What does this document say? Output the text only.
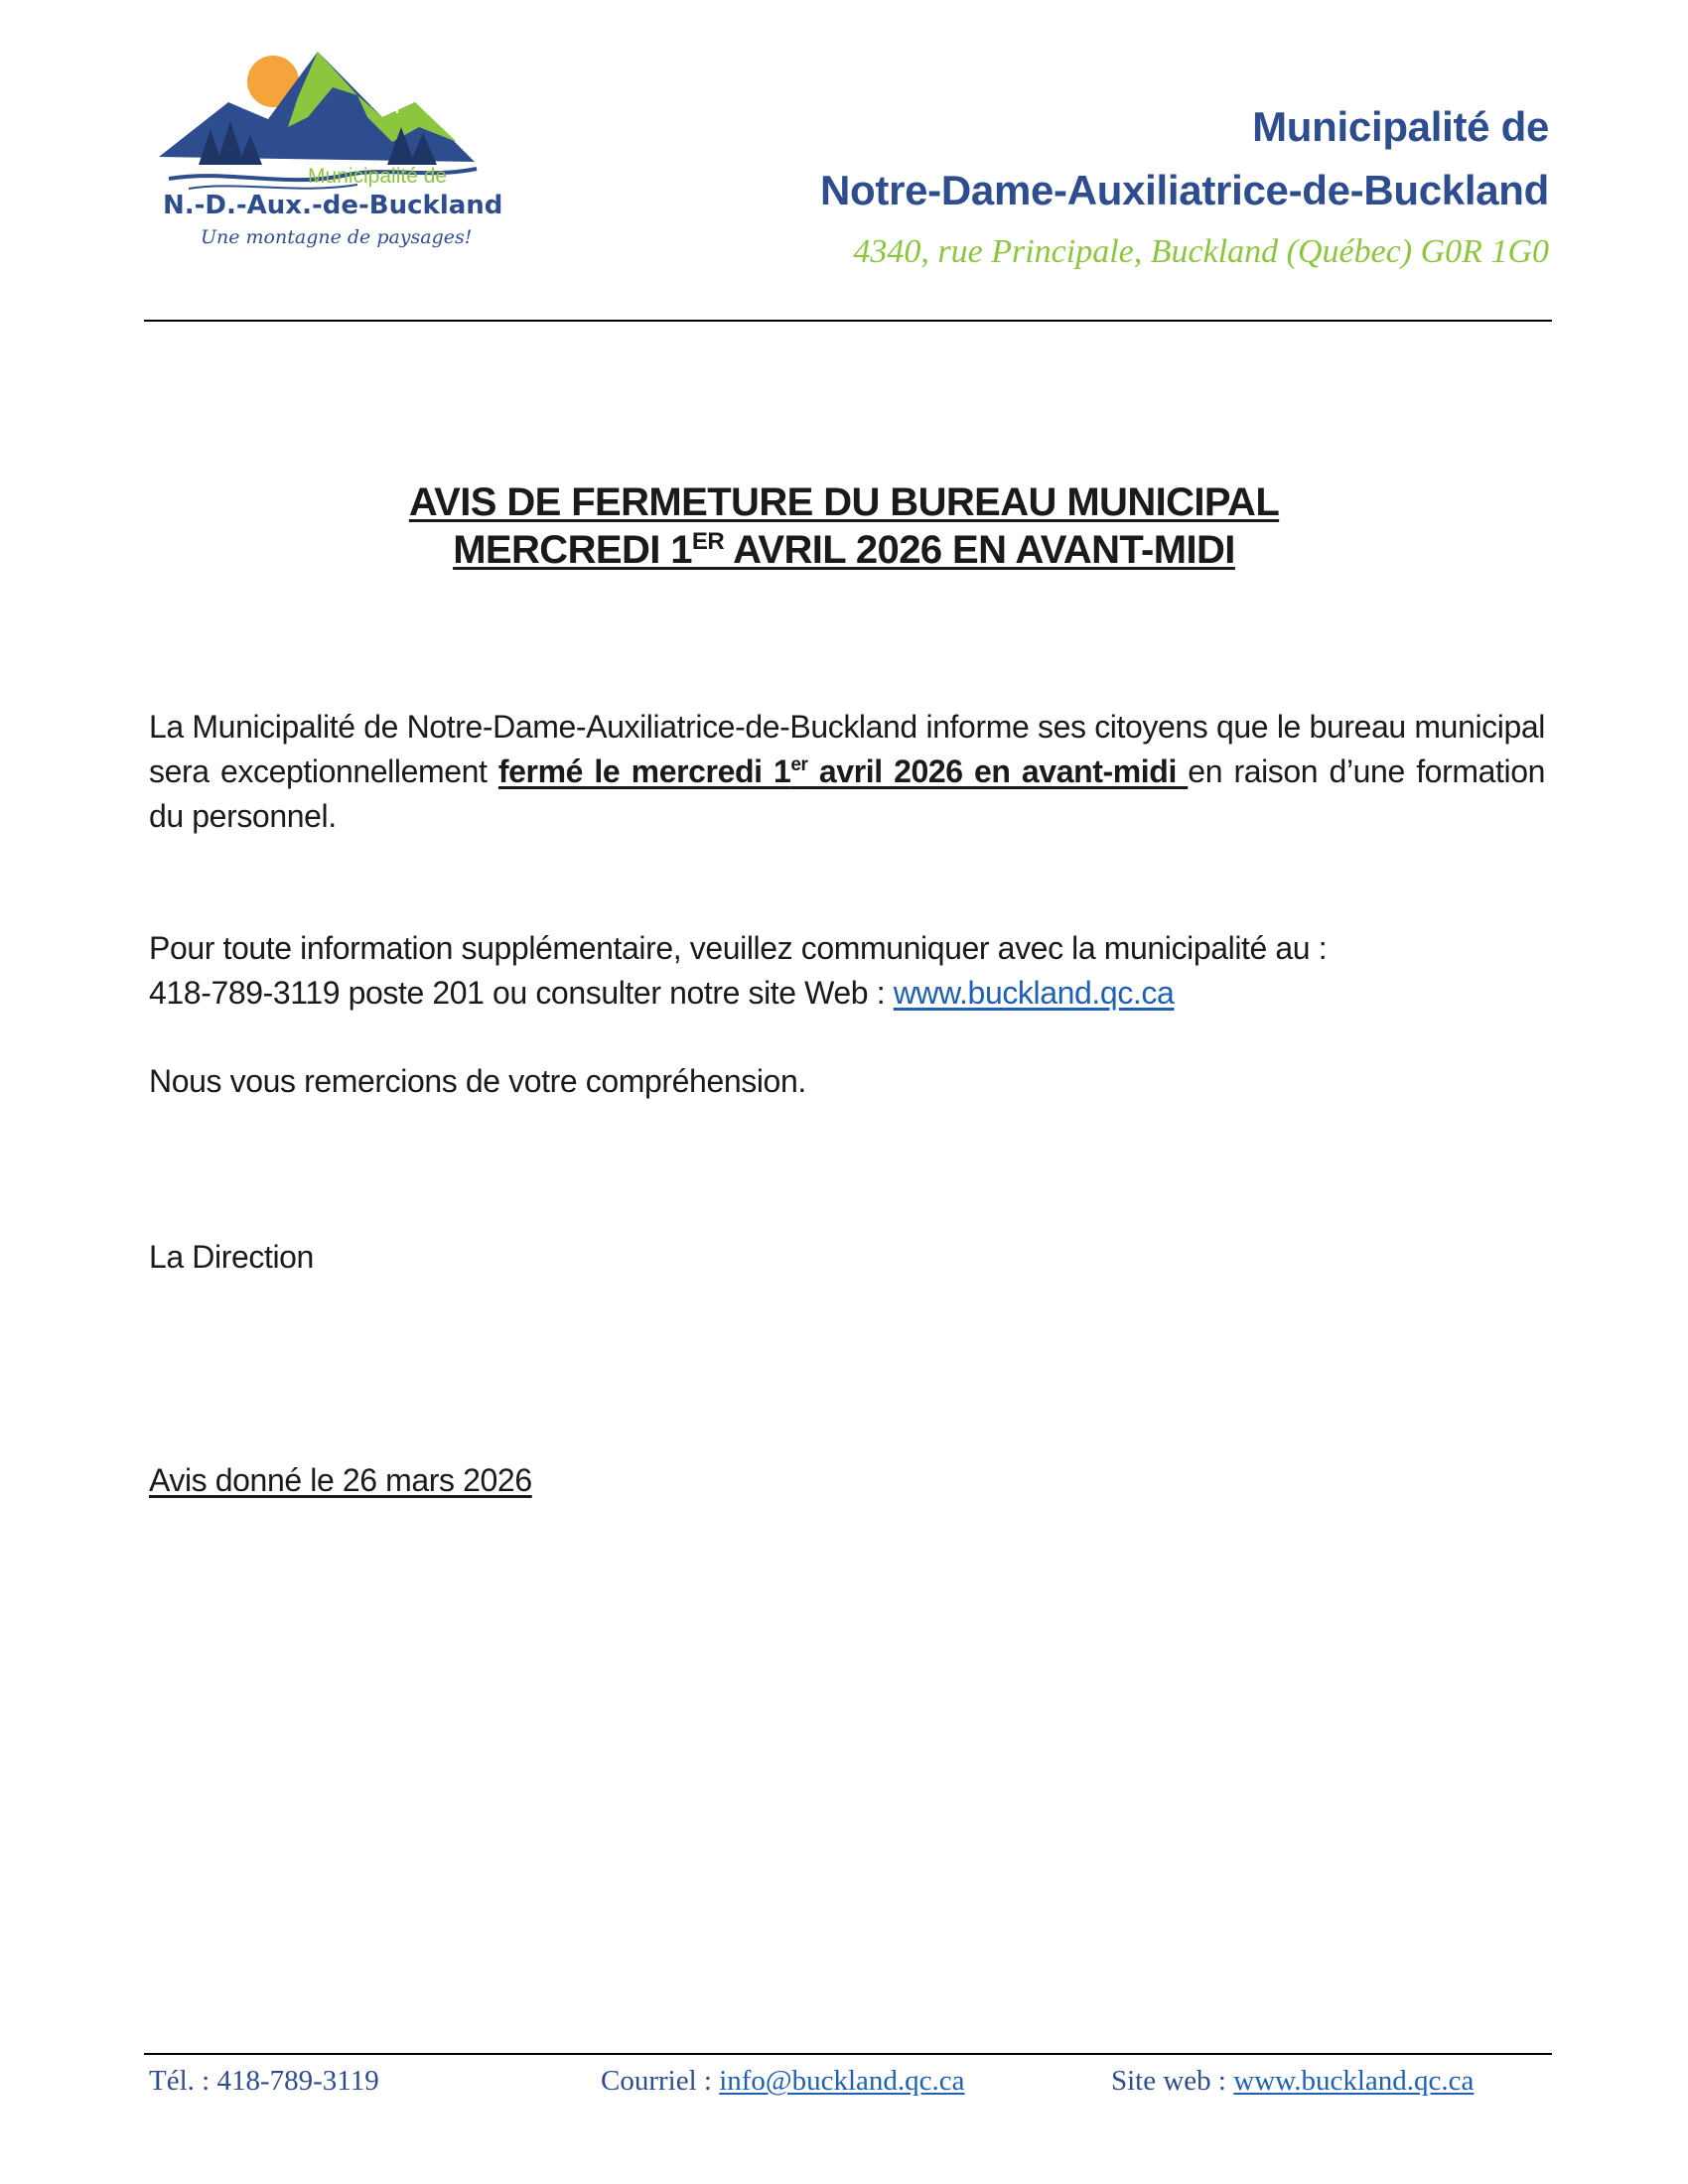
Municipalité de
N.-D.-Aux.-de-Buckland
Une montagne de paysages!
Municipalité de
Notre-Dame-Auxiliatrice-de-Buckland
4340, rue Principale, Buckland (Québec) G0R 1G0
AVIS DE FERMETURE DU BUREAU MUNICIPAL
MERCREDI 1ER AVRIL 2026 EN AVANT-MIDI
La Municipalité de Notre-Dame-Auxiliatrice-de-Buckland informe ses citoyens que le bureau municipal sera exceptionnellement fermé le mercredi 1er avril 2026 en avant-midi en raison d’une formation du personnel.
Pour toute information supplémentaire, veuillez communiquer avec la municipalité au :
418-789-3119 poste 201 ou consulter notre site Web : www.buckland.qc.ca
Nous vous remercions de votre compréhension.
La Direction
Avis donné le 26 mars 2026
Tél. : 418-789-3119	Courriel : info@buckland.qc.ca	Site web : www.buckland.qc.ca
